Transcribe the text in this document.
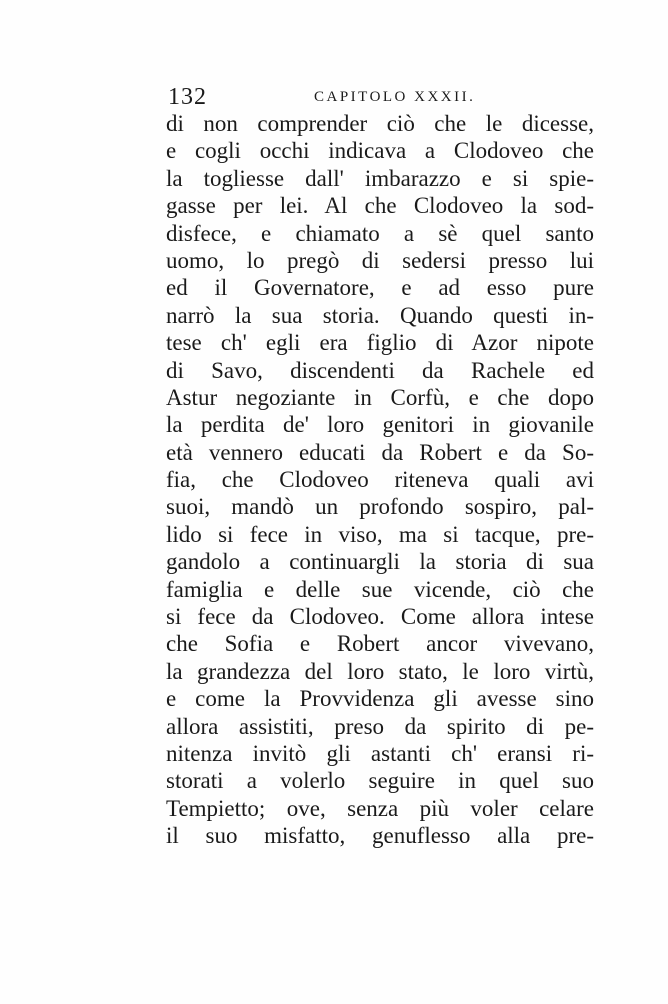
132	CAPITOLO XXXII.
di non comprender ciò che le dicesse,
e cogli occhi indicava a Clodoveo che
la togliesse dall' imbarazzo e si spie-
gasse per lei. Al che Clodoveo la sod-
disfece, e chiamato a sè quel santo
uomo, lo pregò di sedersi presso lui
ed il Governatore, e ad esso pure
narrò la sua storia. Quando questi in-
tese ch' egli era figlio di Azor nipote
di Savo, discendenti da Rachele ed
Astur negoziante in Corfù, e che dopo
la perdita de' loro genitori in giovanile
età vennero educati da Robert e da So-
fia, che Clodoveo riteneva quali avi
suoi, mandò un profondo sospiro, pal-
lido si fece in viso, ma si tacque, pre-
gandolo a continuargli la storia di sua
famiglia e delle sue vicende, ciò che
si fece da Clodoveo. Come allora intese
che Sofia e Robert ancor vivevano,
la grandezza del loro stato, le loro virtù,
e come la Provvidenza gli avesse sino
allora assistiti, preso da spirito di pe-
nitenza invitò gli astanti ch' eransi ri-
storati a volerlo seguire in quel suo
Tempietto; ove, senza più voler celare
il suo misfatto, genuflesso alla pre-
